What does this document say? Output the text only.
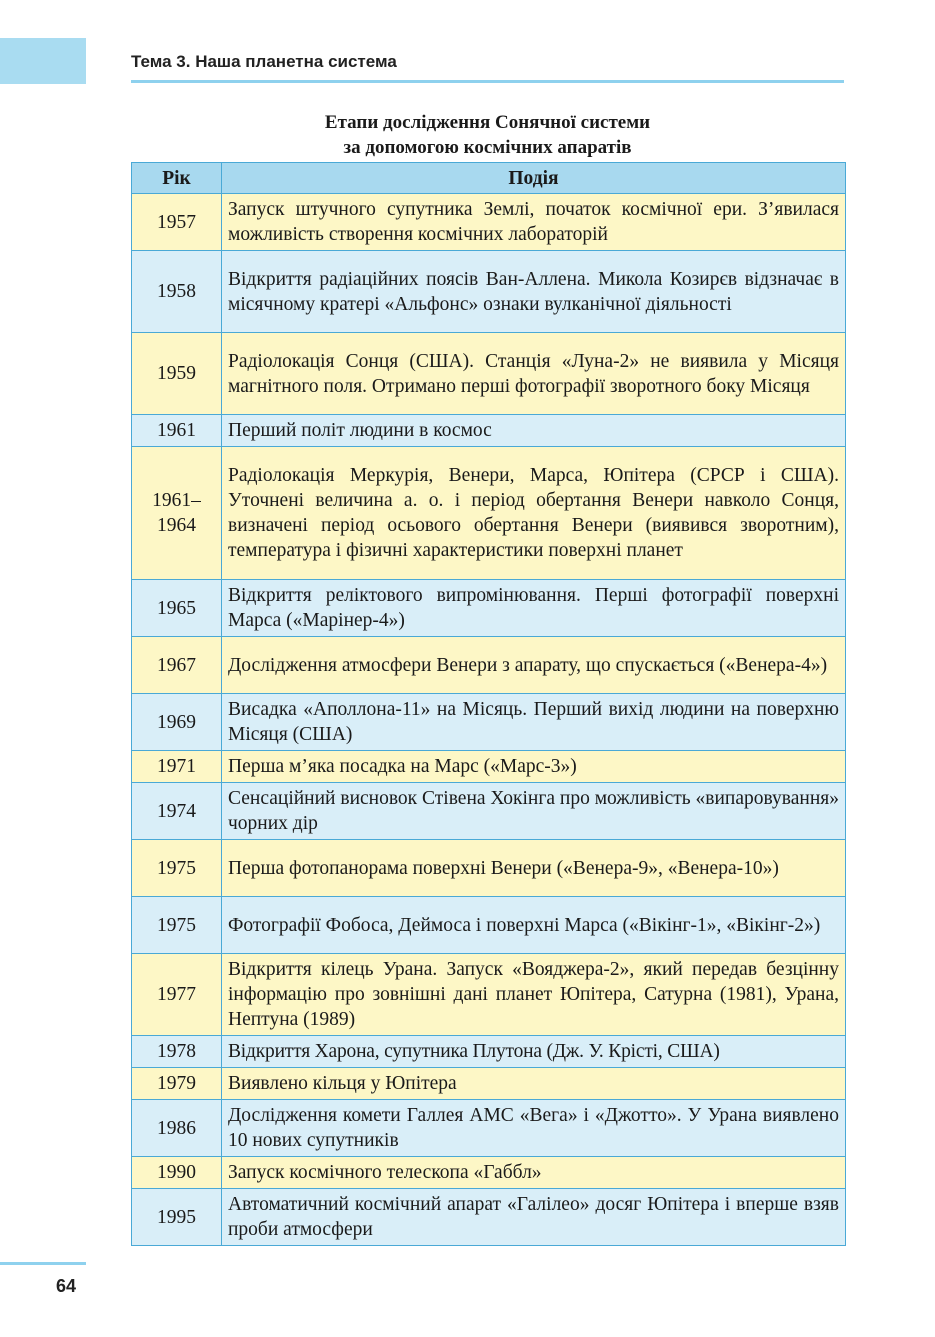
Тема 3. Наша планетна система
Етапи дослідження Сонячної системи
за допомогою космічних апаратів
Рік	Подія
1957	Запуск штучного супутника Землі, початок космічної ери. З’явилася можливість створення космічних лабораторій
1958	Відкриття радіаційних поясів Ван-Аллена. Микола Козирєв відзначає в місячному кратері «Альфонс» ознаки вулканічної діяльності
1959	Радіолокація Сонця (США). Станція «Луна-2» не виявила у Місяця магнітного поля. Отримано перші фотографії зворотного боку Місяця
1961	Перший політ людини в космос
1961–1964	Радіолокація Меркурія, Венери, Марса, Юпітера (СРСР і США). Уточнені величина а. о. і період обертання Венери навколо Сонця, визначені період осьового обертання Венери (виявився зворотним), температура і фізичні характеристики поверхні планет
1965	Відкриття реліктового випромінювання. Перші фотографії поверхні Марса («Марінер-4»)
1967	Дослідження атмосфери Венери з апарату, що спускається («Венера-4»)
1969	Висадка «Аполлона-11» на Місяць. Перший вихід людини на поверхню Місяця (США)
1971	Перша м’яка посадка на Марс («Марс-3»)
1974	Сенсаційний висновок Стівена Хокінга про можливість «випаровування» чорних дір
1975	Перша фотопанорама поверхні Венери («Венера-9», «Венера-10»)
1975	Фотографії Фобоса, Деймоса і поверхні Марса («Вікінг-1», «Вікінг-2»)
1977	Відкриття кілець Урана. Запуск «Вояджера-2», який передав безцінну інформацію про зовнішні дані планет Юпітера, Сатурна (1981), Урана, Нептуна (1989)
1978	Відкриття Харона, супутника Плутона (Дж. У. Крісті, США)
1979	Виявлено кільця у Юпітера
1986	Дослідження комети Галлея АМС «Вега» і «Джотто». У Урана виявлено 10 нових супутників
1990	Запуск космічного телескопа «Габбл»
1995	Автоматичний космічний апарат «Галілео» досяг Юпітера і вперше взяв проби атмосфери
64
